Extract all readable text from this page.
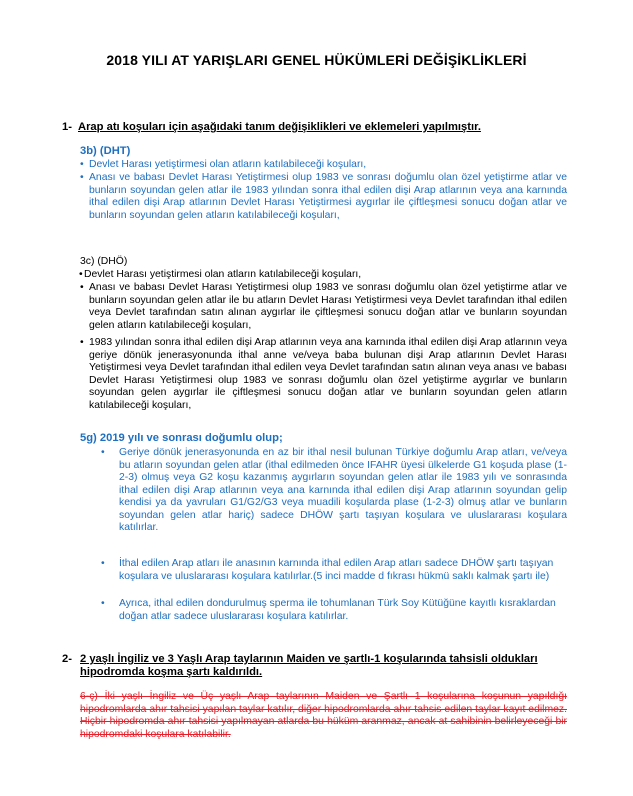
2018 YILI AT YARIŞLARI GENEL HÜKÜMLERİ DEĞİŞİKLİKLERİ
1- Arap atı koşuları için aşağıdaki tanım değişiklikleri ve eklemeleri yapılmıştır.
3b) (DHT)
• Devlet Harası yetiştirmesi olan atların katılabileceği koşuları,
• Anası ve babası Devlet Harası Yetiştirmesi olup 1983 ve sonrası doğumlu olan özel yetiştirme atlar ve bunların soyundan gelen atlar ile 1983 yılından sonra ithal edilen dişi Arap atlarının veya ana karnında ithal edilen dişi Arap atlarının Devlet Harası Yetiştirmesi aygırlar ile çiftleşmesi sonucu doğan atlar ve bunların soyundan gelen atların katılabileceği koşuları,
3c) (DHÖ)
• Devlet Harası yetiştirmesi olan atların katılabileceği koşuları,
• Anası ve babası Devlet Harası Yetiştirmesi olup 1983 ve sonrası doğumlu olan özel yetiştirme atlar ve bunların soyundan gelen atlar ile bu atların Devlet Harası Yetiştirmesi veya Devlet tarafından ithal edilen veya Devlet tarafından satın alınan aygırlar ile çiftleşmesi sonucu doğan atlar ve bunların soyundan gelen atların katılabileceği koşuları,
• 1983 yılından sonra ithal edilen dişi Arap atlarının veya ana karnında ithal edilen dişi Arap atlarının veya geriye dönük jenerasyonunda ithal anne ve/veya baba bulunan dişi Arap atlarının Devlet Harası Yetiştirmesi veya Devlet tarafından ithal edilen veya Devlet tarafından satın alınan veya anası ve babası Devlet Harası Yetiştirmesi olup 1983 ve sonrası doğumlu olan özel yetiştirme aygırlar ve bunların soyundan gelen aygırlar ile çiftleşmesi sonucu doğan atlar ve bunların soyundan gelen atların katılabileceği koşuları,
5g) 2019 yılı ve sonrası doğumlu olup;
• Geriye dönük jenerasyonunda en az bir ithal nesil bulunan Türkiye doğumlu Arap atları, ve/veya bu atların soyundan gelen atlar (ithal edilmeden önce IFAHR üyesi ülkelerde G1 koşuda plase (1-2-3) olmuş veya G2 koşu kazanmış aygırların soyundan gelen atlar ile 1983 yılı ve sonrasında ithal edilen dişi Arap atlarının veya ana karnında ithal edilen dişi Arap atlarının soyundan gelip kendisi ya da yavruları G1/G2/G3 veya muadili koşularda plase (1-2-3) olmuş atlar ve bunların soyundan gelen atlar hariç) sadece DHÖW şartı taşıyan koşulara ve uluslararası koşulara katılırlar.
• İthal edilen Arap atları ile anasının karnında ithal edilen Arap atları sadece DHÖW şartı taşıyan koşulara ve uluslararası koşulara katılırlar.(5 inci madde d fıkrası hükmü saklı kalmak şartı ile)
• Ayrıca, ithal edilen dondurulmuş sperma ile tohumlanan Türk Soy Kütüğüne kayıtlı kısraklardan doğan atlar sadece uluslararası koşulara katılırlar.
2- 2 yaşlı İngiliz ve 3 Yaşlı Arap taylarının Maiden ve şartlı-1 koşularında tahsisli oldukları hipodromda koşma şartı kaldırıldı.
6-ç) İki yaşlı İngiliz ve Üç yaşlı Arap taylarının Maiden ve Şartlı 1 koşularına koşunun yapıldığı hipodromlarda ahır tahsisi yapılan taylar katılır, diğer hipodromlarda ahır tahsis edilen taylar kayıt edilmez. Hiçbir hipodromda ahır tahsisi yapılmayan atlarda bu hüküm aranmaz, ancak at sahibinin belirleyeceği bir hipodromdaki koşulara katılabilir.
